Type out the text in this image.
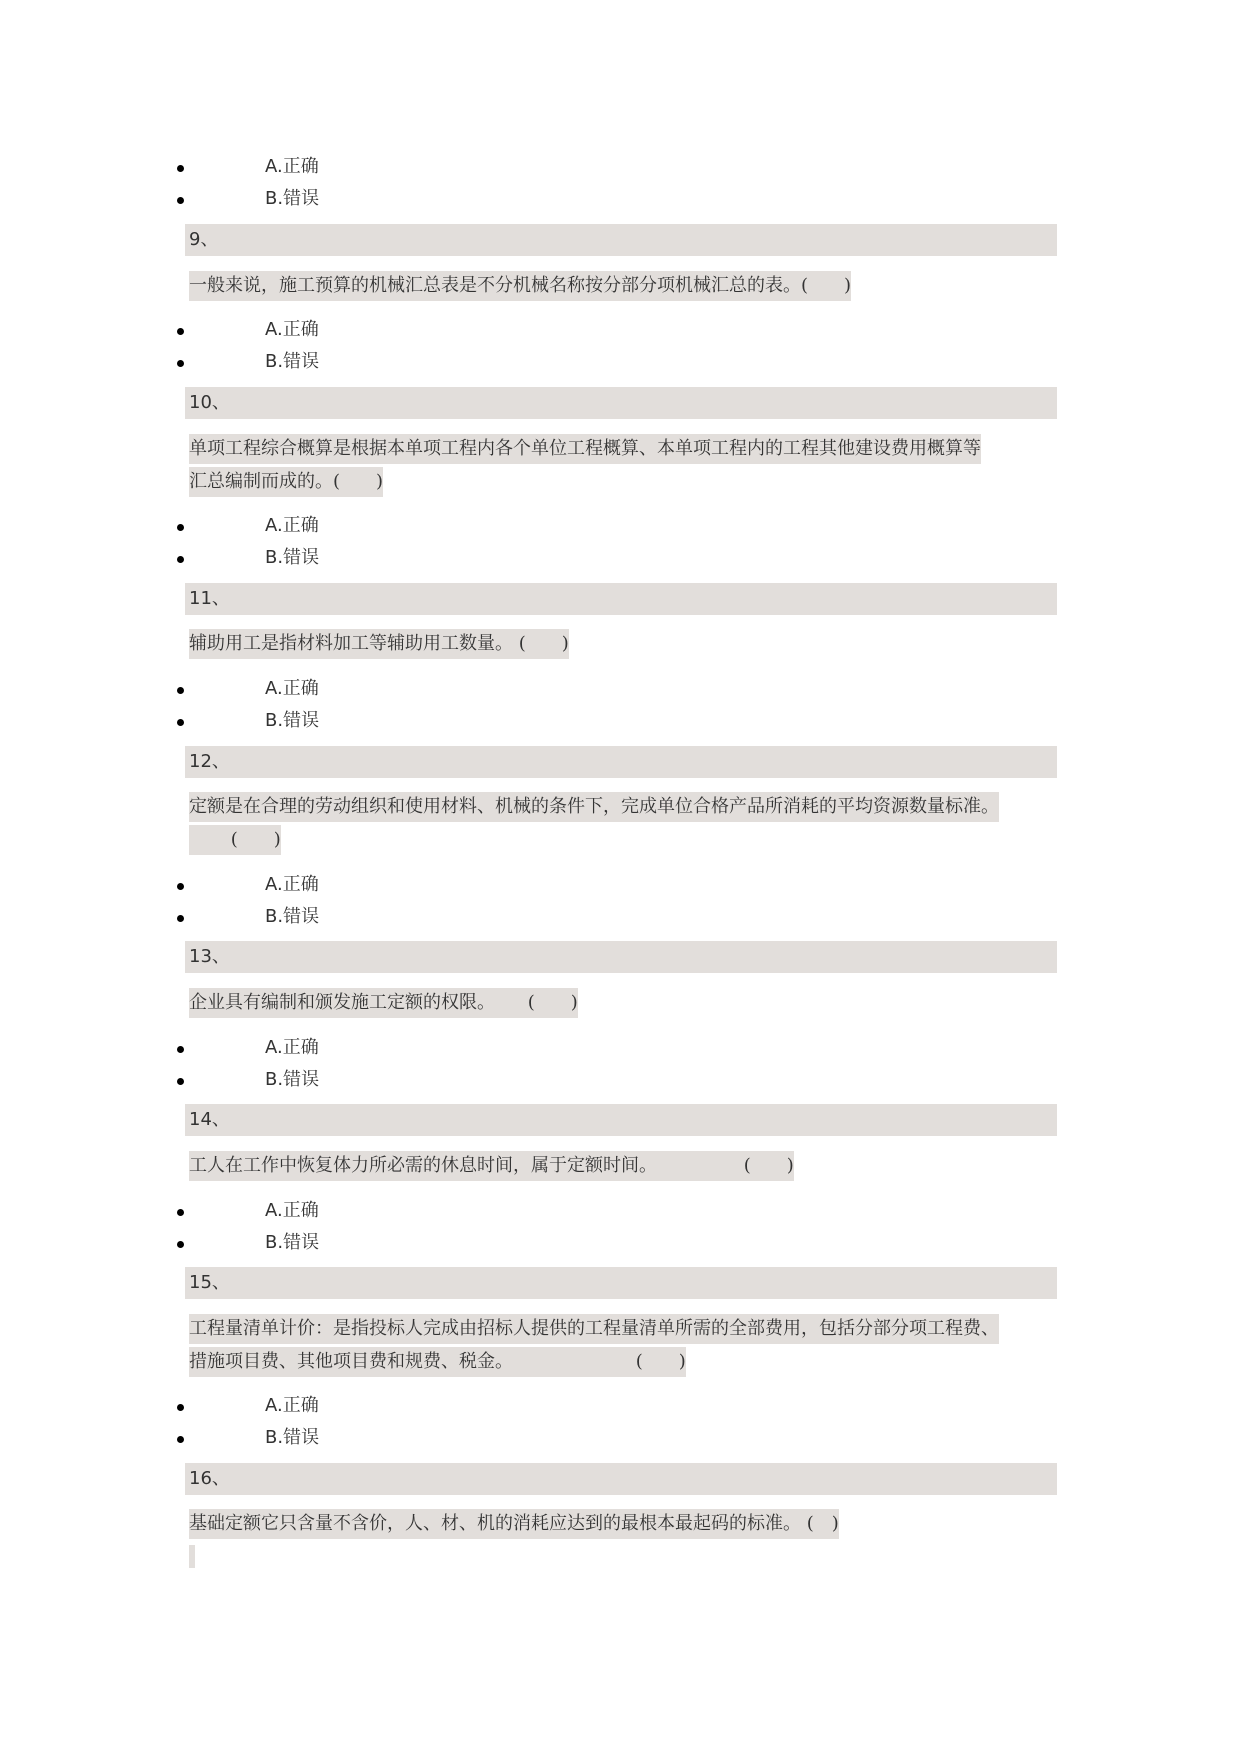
A.正确
B.错误
9、
一般来说，施工预算的机械汇总表是不分机械名称按分部分项机械汇总的表。(　　)
A.正确
B.错误
10、
单项工程综合概算是根据本单项工程内各个单位工程概算、本单项工程内的工程其他建设费用概算等
汇总编制而成的。(　　)
A.正确
B.错误
11、
辅助用工是指材料加工等辅助用工数量。 (　　)
A.正确
B.错误
12、
定额是在合理的劳动组织和使用材料、机械的条件下，完成单位合格产品所消耗的平均资源数量标准。
　　 (　　)
A.正确
B.错误
13、
企业具有编制和颁发施工定额的权限。　　 (　　)
A.正确
B.错误
14、
工人在工作中恢复体力所必需的休息时间，属于定额时间。　　　　　 (　　)
A.正确
B.错误
15、
工程量清单计价：是指投标人完成由招标人提供的工程量清单所需的全部费用，包括分部分项工程费、
措施项目费、其他项目费和规费、税金。　　　　　　　 (　　)
A.正确
B.错误
16、
基础定额它只含量不含价，人、材、机的消耗应达到的最根本最起码的标准。 (　)
